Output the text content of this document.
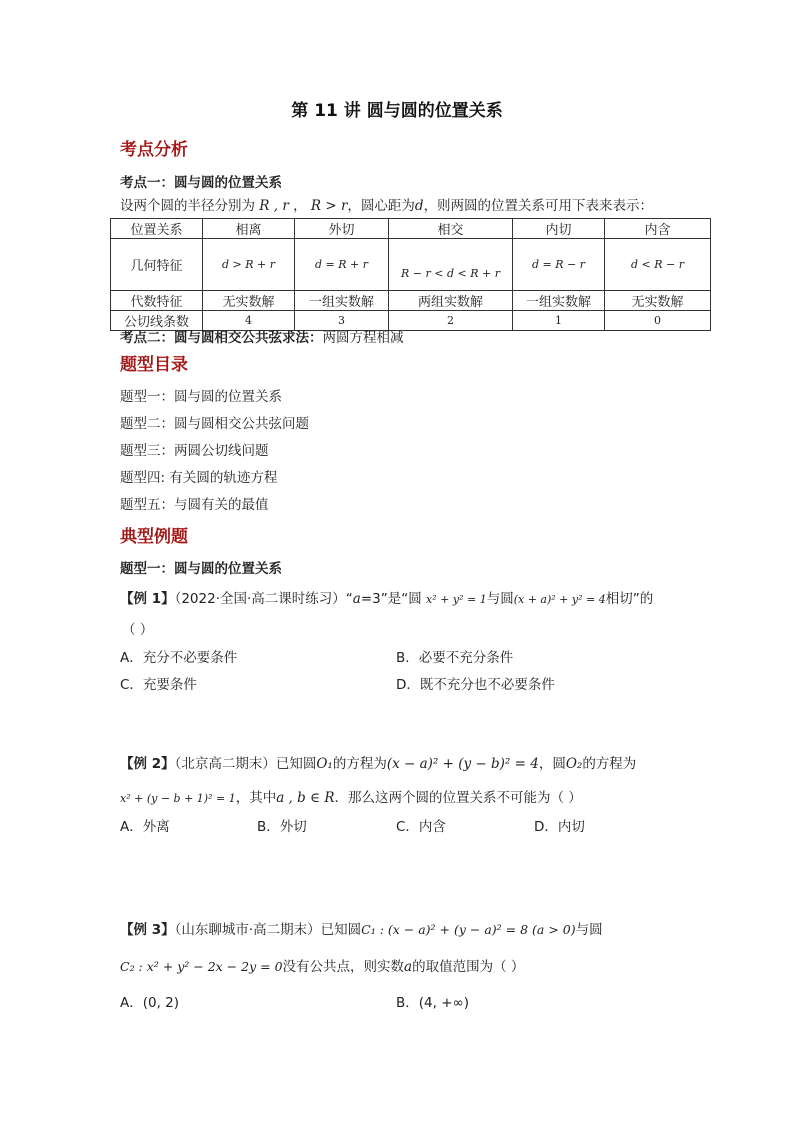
第 11 讲 圆与圆的位置关系
考点分析
考点一：圆与圆的位置关系
设两个圆的半径分别为 R , r ， R > r，圆心距为d，则两圆的位置关系可用下表来表示：
位置关系	相离	外切	相交	内切	内含
几何特征	d > R + r	d = R + r	R − r < d < R + r	d = R − r	d < R − r
代数特征	无实数解	一组实数解	两组实数解	一组实数解	无实数解
公切线条数	4	3	2	1	0
考点二：圆与圆相交公共弦求法：两圆方程相减
题型目录
题型一：圆与圆的位置关系
题型二：圆与圆相交公共弦问题
题型三：两圆公切线问题
题型四: 有关圆的轨迹方程
题型五：与圆有关的最值
典型例题
题型一：圆与圆的位置关系
【例 1】（2022·全国·高二课时练习）“a=3”是“圆 x² + y² = 1与圆(x + a)² + y² = 4相切”的
（ ）
A．充分不必要条件	B．必要不充分条件
C．充要条件	D．既不充分也不必要条件
【例 2】（北京高二期末）已知圆O₁的方程为(x − a)² + (y − b)² = 4，圆O₂的方程为
x² + (y − b + 1)² = 1，其中a , b ∈ R．那么这两个圆的位置关系不可能为（ ）
A．外离	B．外切	C．内含	D．内切
【例 3】（山东聊城市·高二期末）已知圆C₁ : (x − a)² + (y − a)² = 8 (a > 0)与圆
C₂ : x² + y² − 2x − 2y = 0没有公共点，则实数a的取值范围为（ ）
A．(0, 2)	B．(4, +∞)
